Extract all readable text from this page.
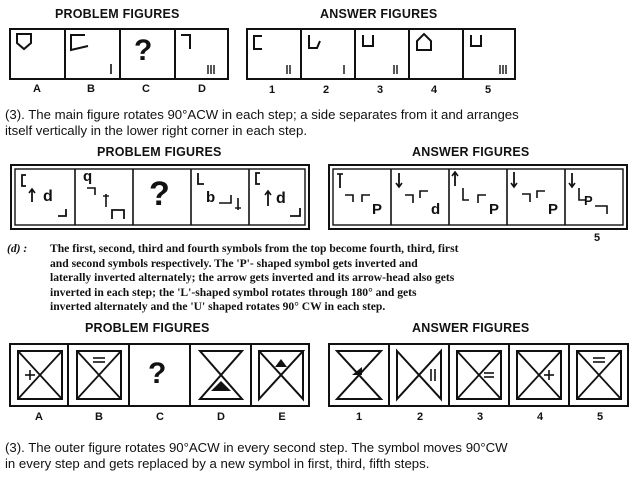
PROBLEM FIGURES	ANSWER FIGURES
?
A	B	C	D	1	2	3	4	5
(3). The main figure rotates 90°ACW in each step; a side separates from it and arranges
itself vertically in the lower right corner in each step.
PROBLEM FIGURES	ANSWER FIGURES
d
q ? b	d
P	d	P	P
P
5
(d) : The first, second, third and fourth symbols from the top become fourth, third, first
and second symbols respectively. The 'P'- shaped symbol gets inverted and
laterally inverted alternately; the arrow gets inverted and its arrow-head also gets
inverted in each step; the 'L'-shaped symbol rotates through 180° and gets
inverted alternately and the 'U' shaped rotates 90° CW in each step.
PROBLEM FIGURES	ANSWER FIGURES
?
A	B	C	D	E	1	2	3	4	5
(3). The outer figure rotates 90°ACW in every second step. The symbol moves 90°CW
in every step and gets replaced by a new symbol in first, third, fifth steps.
